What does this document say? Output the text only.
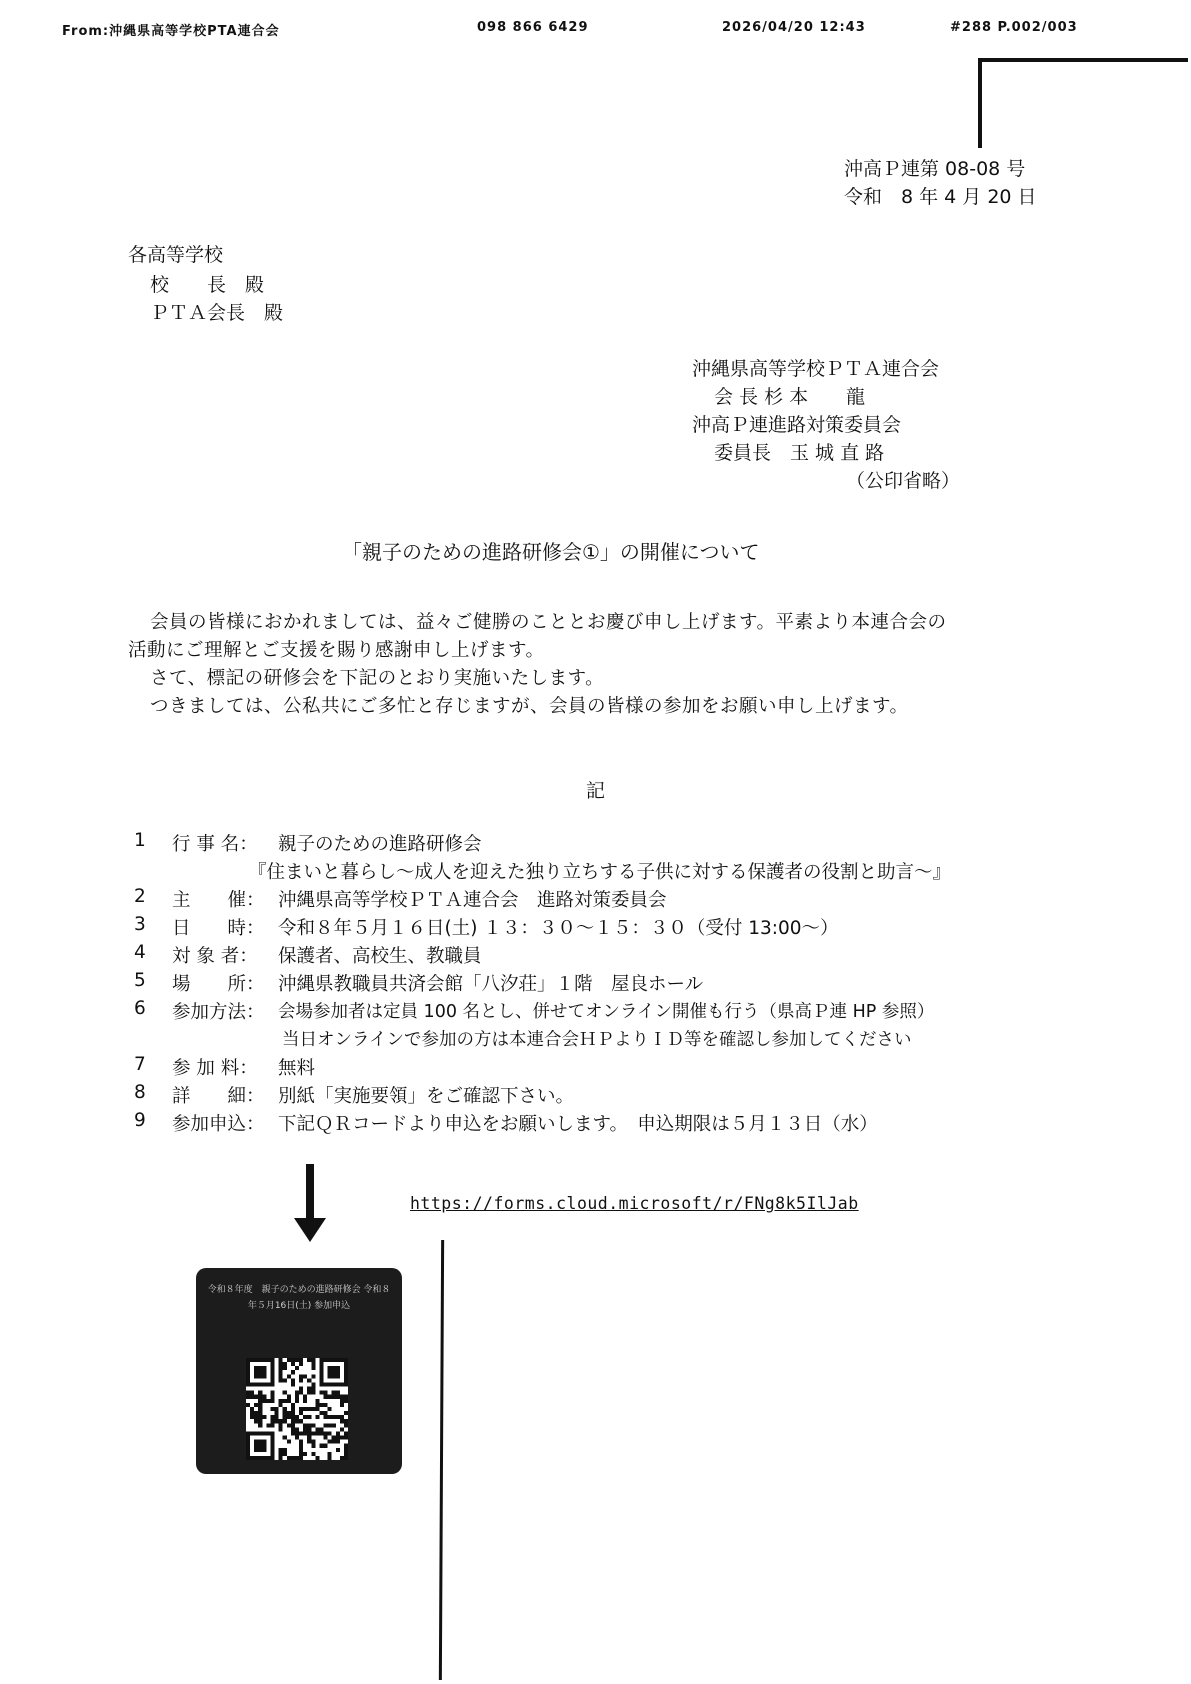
From:沖縄県高等学校PTA連合会	098 866 6429	2026/04/20 12:43	#288 P.002/003
沖高Ｐ連第 08-08 号
令和　8 年 4 月 20 日
各高等学校
校　　長　殿
ＰＴＡ会長　殿
沖縄県高等学校ＰＴＡ連合会
会 長 杉 本　　龍
沖高Ｐ連進路対策委員会
委員長　玉 城 直 路
（公印省略）
「親子のための進路研修会①」の開催について
会員の皆様におかれましては、益々ご健勝のこととお慶び申し上げます。平素より本連合会の
活動にご理解とご支援を賜り感謝申し上げます。
さて、標記の研修会を下記のとおり実施いたします。
つきましては、公私共にご多忙と存じますが、会員の皆様の参加をお願い申し上げます。
記
1 行 事 名： 親子のための進路研修会
『住まいと暮らし～成人を迎えた独り立ちする子供に対する保護者の役割と助言～』
2 主　　催： 沖縄県高等学校ＰＴＡ連合会　進路対策委員会
3 日　　時： 令和８年５月１６日(土) １３：３０～１５：３０（受付 13:00～）
4 対 象 者： 保護者、高校生、教職員
5 場　　所： 沖縄県教職員共済会館「八汐荘」１階　屋良ホール
6 参加方法： 会場参加者は定員 100 名とし、併せてオンライン開催も行う（県高Ｐ連 HP 参照）
当日オンラインで参加の方は本連合会ＨＰよりＩＤ等を確認し参加してください
7 参 加 料： 無料
8 詳　　細： 別紙「実施要領」をご確認下さい。
9 参加申込： 下記ＱＲコードより申込をお願いします。　申込期限は５月１３日（水）
https://forms.cloud.microsoft/r/FNg8k5IlJab
令和８年度　親子のための進路研修会 令和８年５月16日(土) 参加申込
